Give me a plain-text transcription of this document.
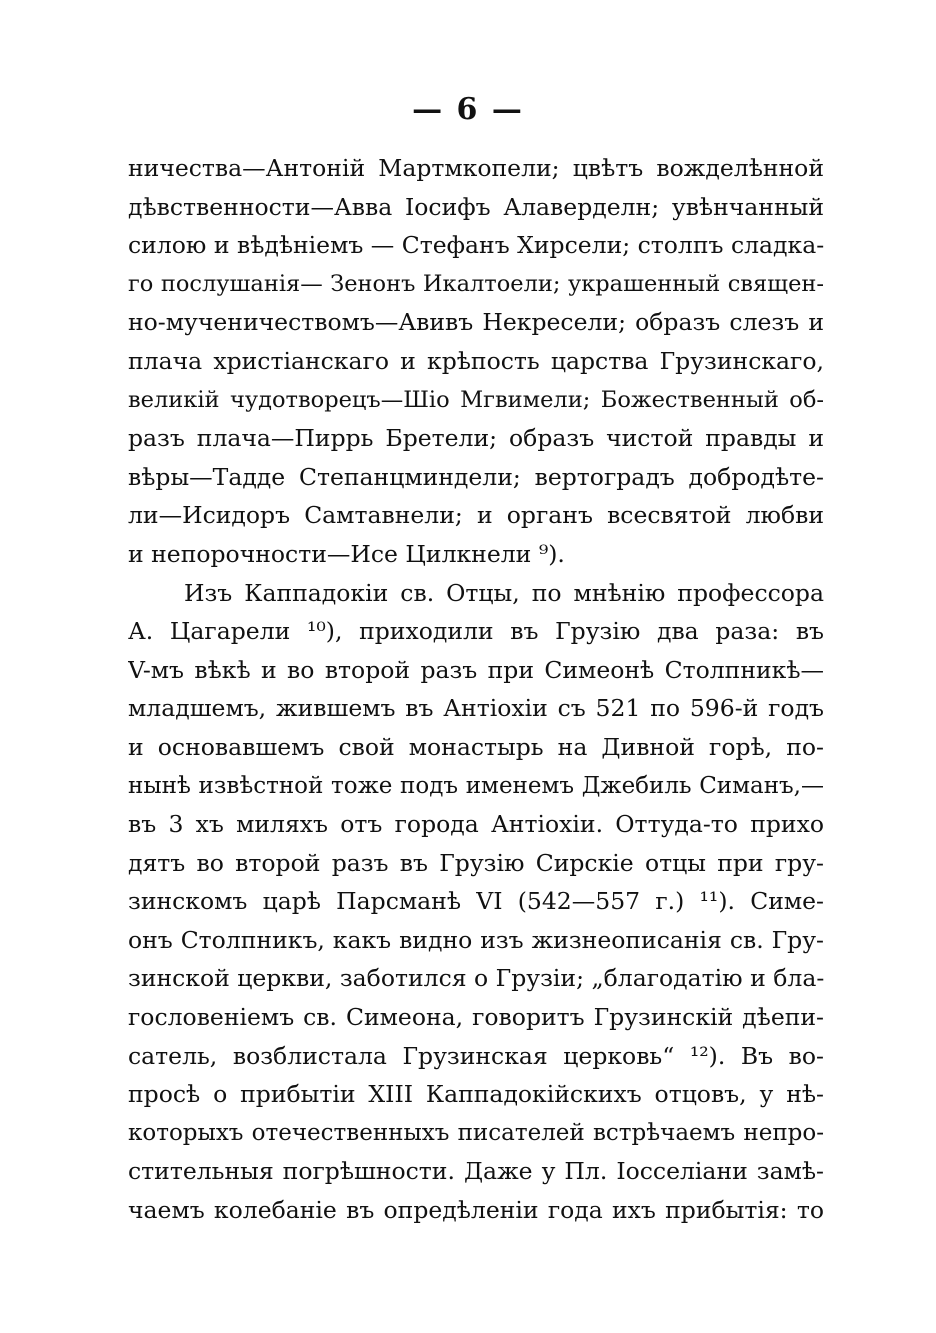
— 6 —
ничества—Антоній Мартмкопели; цвѣтъ вожделѣнной
дѣвственности—Авва Іосифъ Алаверделн; увѣнчанный
силою и вѣдѣніемъ — Стефанъ Хирсели; столпъ сладка-
го послушанія— Зенонъ Икалтоели; украшенный священ-
но-мученичествомъ—Авивъ Некресели; образъ слезъ и
плача христіанскаго и крѣпость царства Грузинскаго,
великій чудотворецъ—Шіо Мгвимели; Божественный об-
разъ плача—Пиррь Бретели; образъ чистой правды и
вѣры—Тадде Степанцминдели; вертоградъ добродѣте-
ли—Исидоръ Самтавнели; и органъ всесвятой любви
и непорочности—Исе Цилкнели ⁹).
Изъ Каппадокіи св. Отцы, по мнѣнію профессора
А. Цагарели ¹⁰), приходили въ Грузію два раза: въ
V-мъ вѣкѣ и во второй разъ при Симеонѣ Столпникѣ—
младшемъ, жившемъ въ Антіохіи съ 521 по 596-й годъ
и основавшемъ свой монастырь на Дивной горѣ, по-
нынѣ извѣстной тоже подъ именемъ Джебиль Симанъ,—
въ 3 хъ миляхъ отъ города Антіохіи. Оттуда-то прихо
дятъ во второй разъ въ Грузію Сирскіе отцы при гру-
зинскомъ царѣ Парсманѣ VI (542—557 г.) ¹¹). Симе-
онъ Столпникъ, какъ видно изъ жизнеописанія св. Гру-
зинской церкви, заботился о Грузіи; „благодатію и бла-
гословеніемъ св. Симеона, говоритъ Грузинскій дѣепи-
сатель, возблистала Грузинская церковь“ ¹²). Въ во-
просѣ о прибытіи XIII Каппадокійскихъ отцовъ, у нѣ-
которыхъ отечественныхъ писателей встрѣчаемъ непро-
стительныя погрѣшности. Даже у Пл. Іосселіани замѣ-
чаемъ колебаніе въ опредѣленіи года ихъ прибытія: то
